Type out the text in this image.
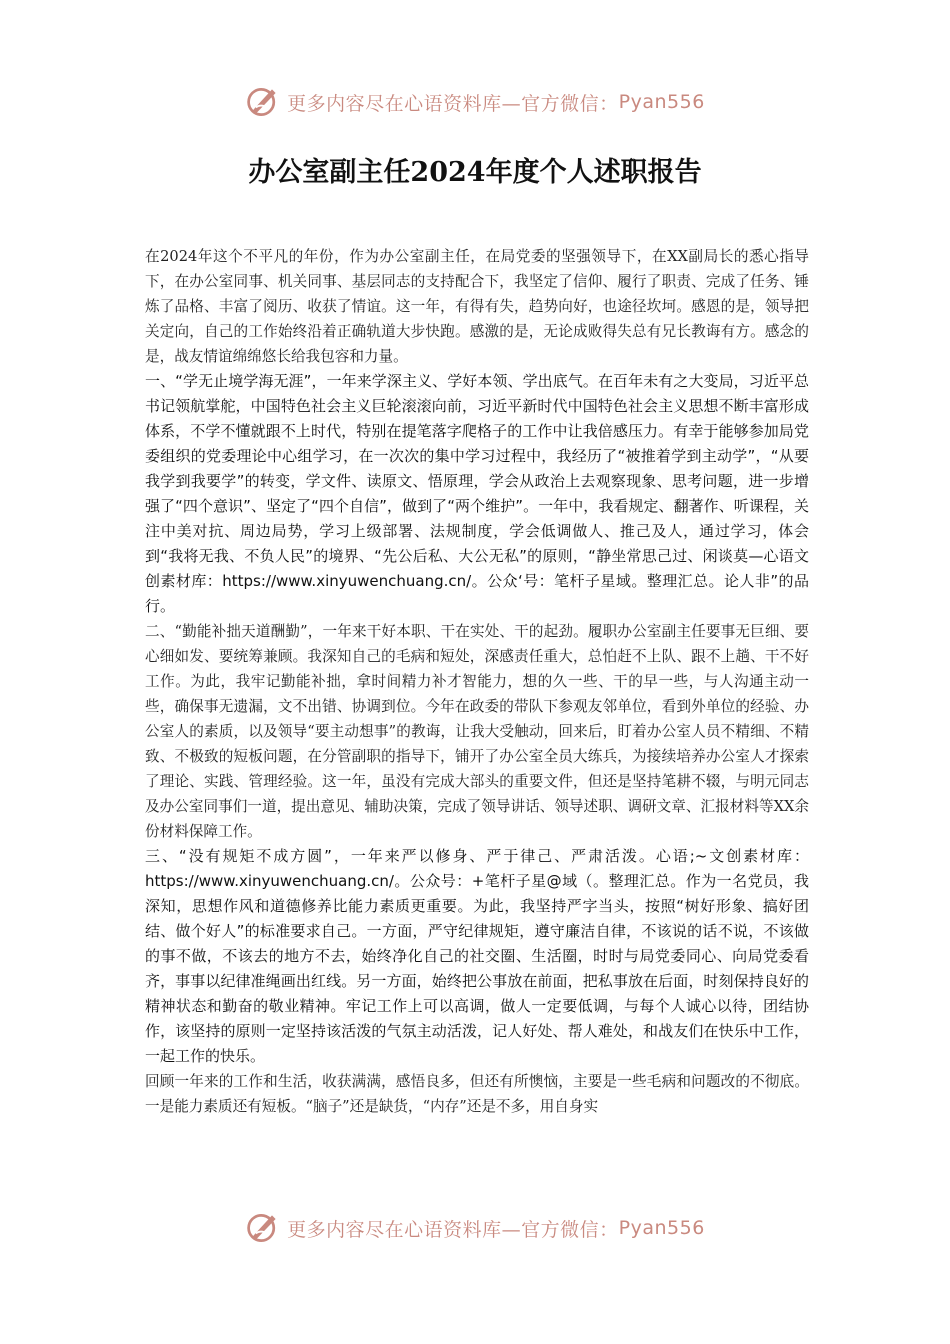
更多内容尽在心语资料库—官方微信： Pyan556
办公室副主任2024年度个人述职报告

在2024年这个不平凡的年份，作为办公室副主任，在局党委的坚强领导下，在XX副局长的悉心指导下，在办公室同事、机关同事、基层同志的支持配合下，我坚定了信仰、履行了职责、完成了任务、锤炼了品格、丰富了阅历、收获了情谊。这一年，有得有失，趋势向好，也途径坎坷。感恩的是，领导把关定向，自己的工作始终沿着正确轨道大步快跑。感激的是，无论成败得失总有兄长教诲有方。感念的是，战友情谊绵绵悠长给我包容和力量。

一、“学无止境学海无涯”，一年来学深主义、学好本领、学出底气。在百年未有之大变局，习近平总书记领航掌舵，中国特色社会主义巨轮滚滚向前，习近平新时代中国特色社会主义思想不断丰富形成体系，不学不懂就跟不上时代，特别在提笔落字爬格子的工作中让我倍感压力。有幸于能够参加局党委组织的党委理论中心组学习，在一次次的集中学习过程中，我经历了“被推着学到主动学”，“从要我学到我要学”的转变，学文件、读原文、悟原理，学会从政治上去观察现象、思考问题，进一步增强了“四个意识”、坚定了“四个自信”，做到了“两个维护”。一年中，我看规定、翻著作、听课程，关注中美对抗、周边局势，学习上级部署、法规制度，学会低调做人、推己及人，通过学习，体会到“我将无我、不负人民”的境界、“先公后私、大公无私”的原则，“静坐常思己过、闲谈莫—心语文创素材库：https://www.xinyuwenchuang.cn/。公众‘号：笔杆子星域。整理汇总。论人非”的品行。

二、“勤能补拙天道酬勤”，一年来干好本职、干在实处、干的起劲。履职办公室副主任要事无巨细、要心细如发、要统筹兼顾。我深知自己的毛病和短处，深感责任重大，总怕赶不上队、跟不上趟、干不好工作。为此，我牢记勤能补拙，拿时间精力补才智能力，想的久一些、干的早一些，与人沟通主动一些，确保事无遗漏，文不出错、协调到位。今年在政委的带队下参观友邻单位，看到外单位的经验、办公室人的素质，以及领导“要主动想事”的教诲，让我大受触动，回来后，盯着办公室人员不精细、不精致、不极致的短板问题，在分管副职的指导下，铺开了办公室全员大练兵，为接续培养办公室人才探索了理论、实践、管理经验。这一年，虽没有完成大部头的重要文件，但还是坚持笔耕不辍，与明元同志及办公室同事们一道，提出意见、辅助决策，完成了领导讲话、领导述职、调研文章、汇报材料等XX余份材料保障工作。

三、“没有规矩不成方圆”，一年来严以修身、严于律己、严肃活泼。心语;~文创素材库：https://www.xinyuwenchuang.cn/。公众号：+笔杆子星@域（。整理汇总。作为一名党员，我深知，思想作风和道德修养比能力素质更重要。为此，我坚持严字当头，按照“树好形象、搞好团结、做个好人”的标准要求自己。一方面，严守纪律规矩，遵守廉洁自律，不该说的话不说，不该做的事不做，不该去的地方不去，始终净化自己的社交圈、生活圈，时时与局党委同心、向局党委看齐，事事以纪律准绳画出红线。另一方面，始终把公事放在前面，把私事放在后面，时刻保持良好的精神状态和勤奋的敬业精神。牢记工作上可以高调，做人一定要低调，与每个人诚心以待，团结协作，该坚持的原则一定坚持该活泼的气氛主动活泼，记人好处、帮人难处，和战友们在快乐中工作，一起工作的快乐。

回顾一年来的工作和生活，收获满满，感悟良多，但还有所懊恼，主要是一些毛病和问题改的不彻底。一是能力素质还有短板。“脑子”还是缺货，“内存”还是不多，用自身实

更多内容尽在心语资料库—官方微信： Pyan556
